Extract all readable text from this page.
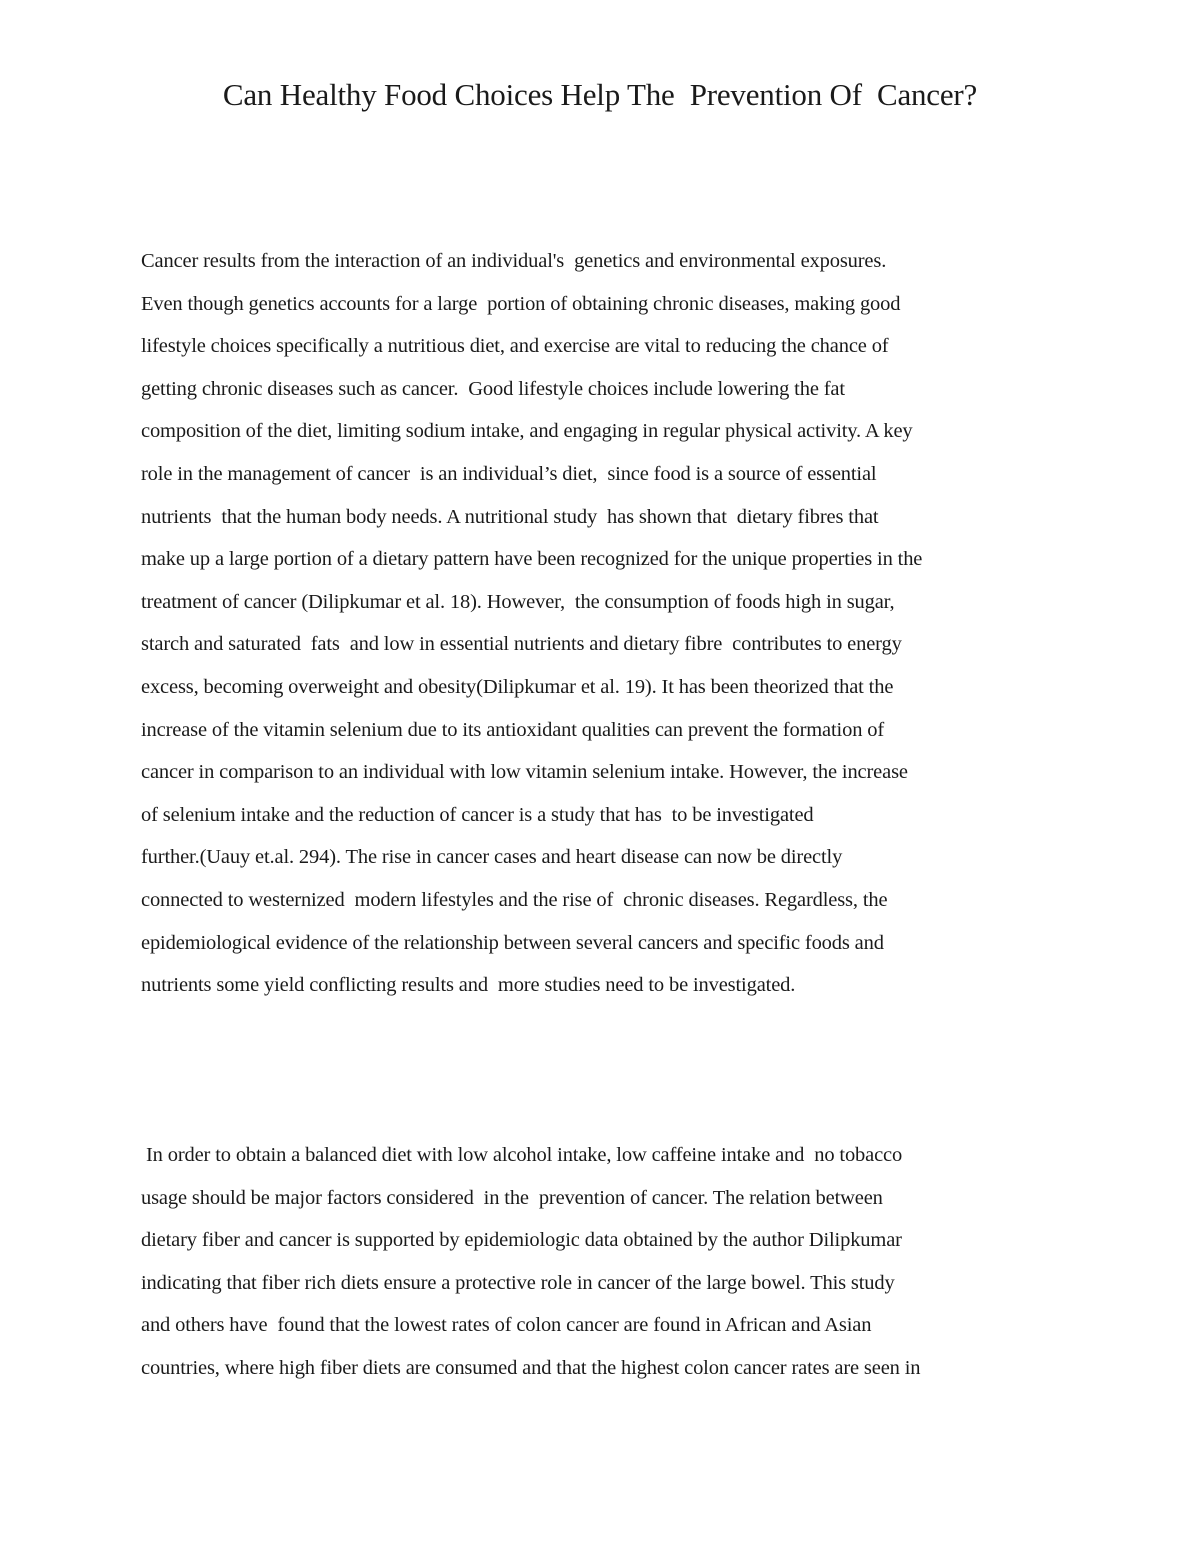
Can Healthy Food Choices Help The  Prevention Of  Cancer?
Cancer results from the interaction of an individual's  genetics and environmental exposures.
Even though genetics accounts for a large  portion of obtaining chronic diseases, making good
lifestyle choices specifically a nutritious diet, and exercise are vital to reducing the chance of
getting chronic diseases such as cancer.  Good lifestyle choices include lowering the fat
composition of the diet, limiting sodium intake, and engaging in regular physical activity. A key
role in the management of cancer  is an individual’s diet,  since food is a source of essential
nutrients  that the human body needs. A nutritional study  has shown that  dietary fibres that
make up a large portion of a dietary pattern have been recognized for the unique properties in the
treatment of cancer (Dilipkumar et al. 18). However,  the consumption of foods high in sugar,
starch and saturated  fats  and low in essential nutrients and dietary fibre  contributes to energy
excess, becoming overweight and obesity(Dilipkumar et al. 19). It has been theorized that the
increase of the vitamin selenium due to its antioxidant qualities can prevent the formation of
cancer in comparison to an individual with low vitamin selenium intake. However, the increase
of selenium intake and the reduction of cancer is a study that has  to be investigated
further.(Uauy et.al. 294). The rise in cancer cases and heart disease can now be directly
connected to westernized  modern lifestyles and the rise of  chronic diseases. Regardless, the
epidemiological evidence of the relationship between several cancers and specific foods and
nutrients some yield conflicting results and  more studies need to be investigated.
In order to obtain a balanced diet with low alcohol intake, low caffeine intake and  no tobacco
usage should be major factors considered  in the  prevention of cancer. The relation between
dietary fiber and cancer is supported by epidemiologic data obtained by the author Dilipkumar
indicating that fiber rich diets ensure a protective role in cancer of the large bowel. This study
and others have  found that the lowest rates of colon cancer are found in African and Asian
countries, where high fiber diets are consumed and that the highest colon cancer rates are seen in
